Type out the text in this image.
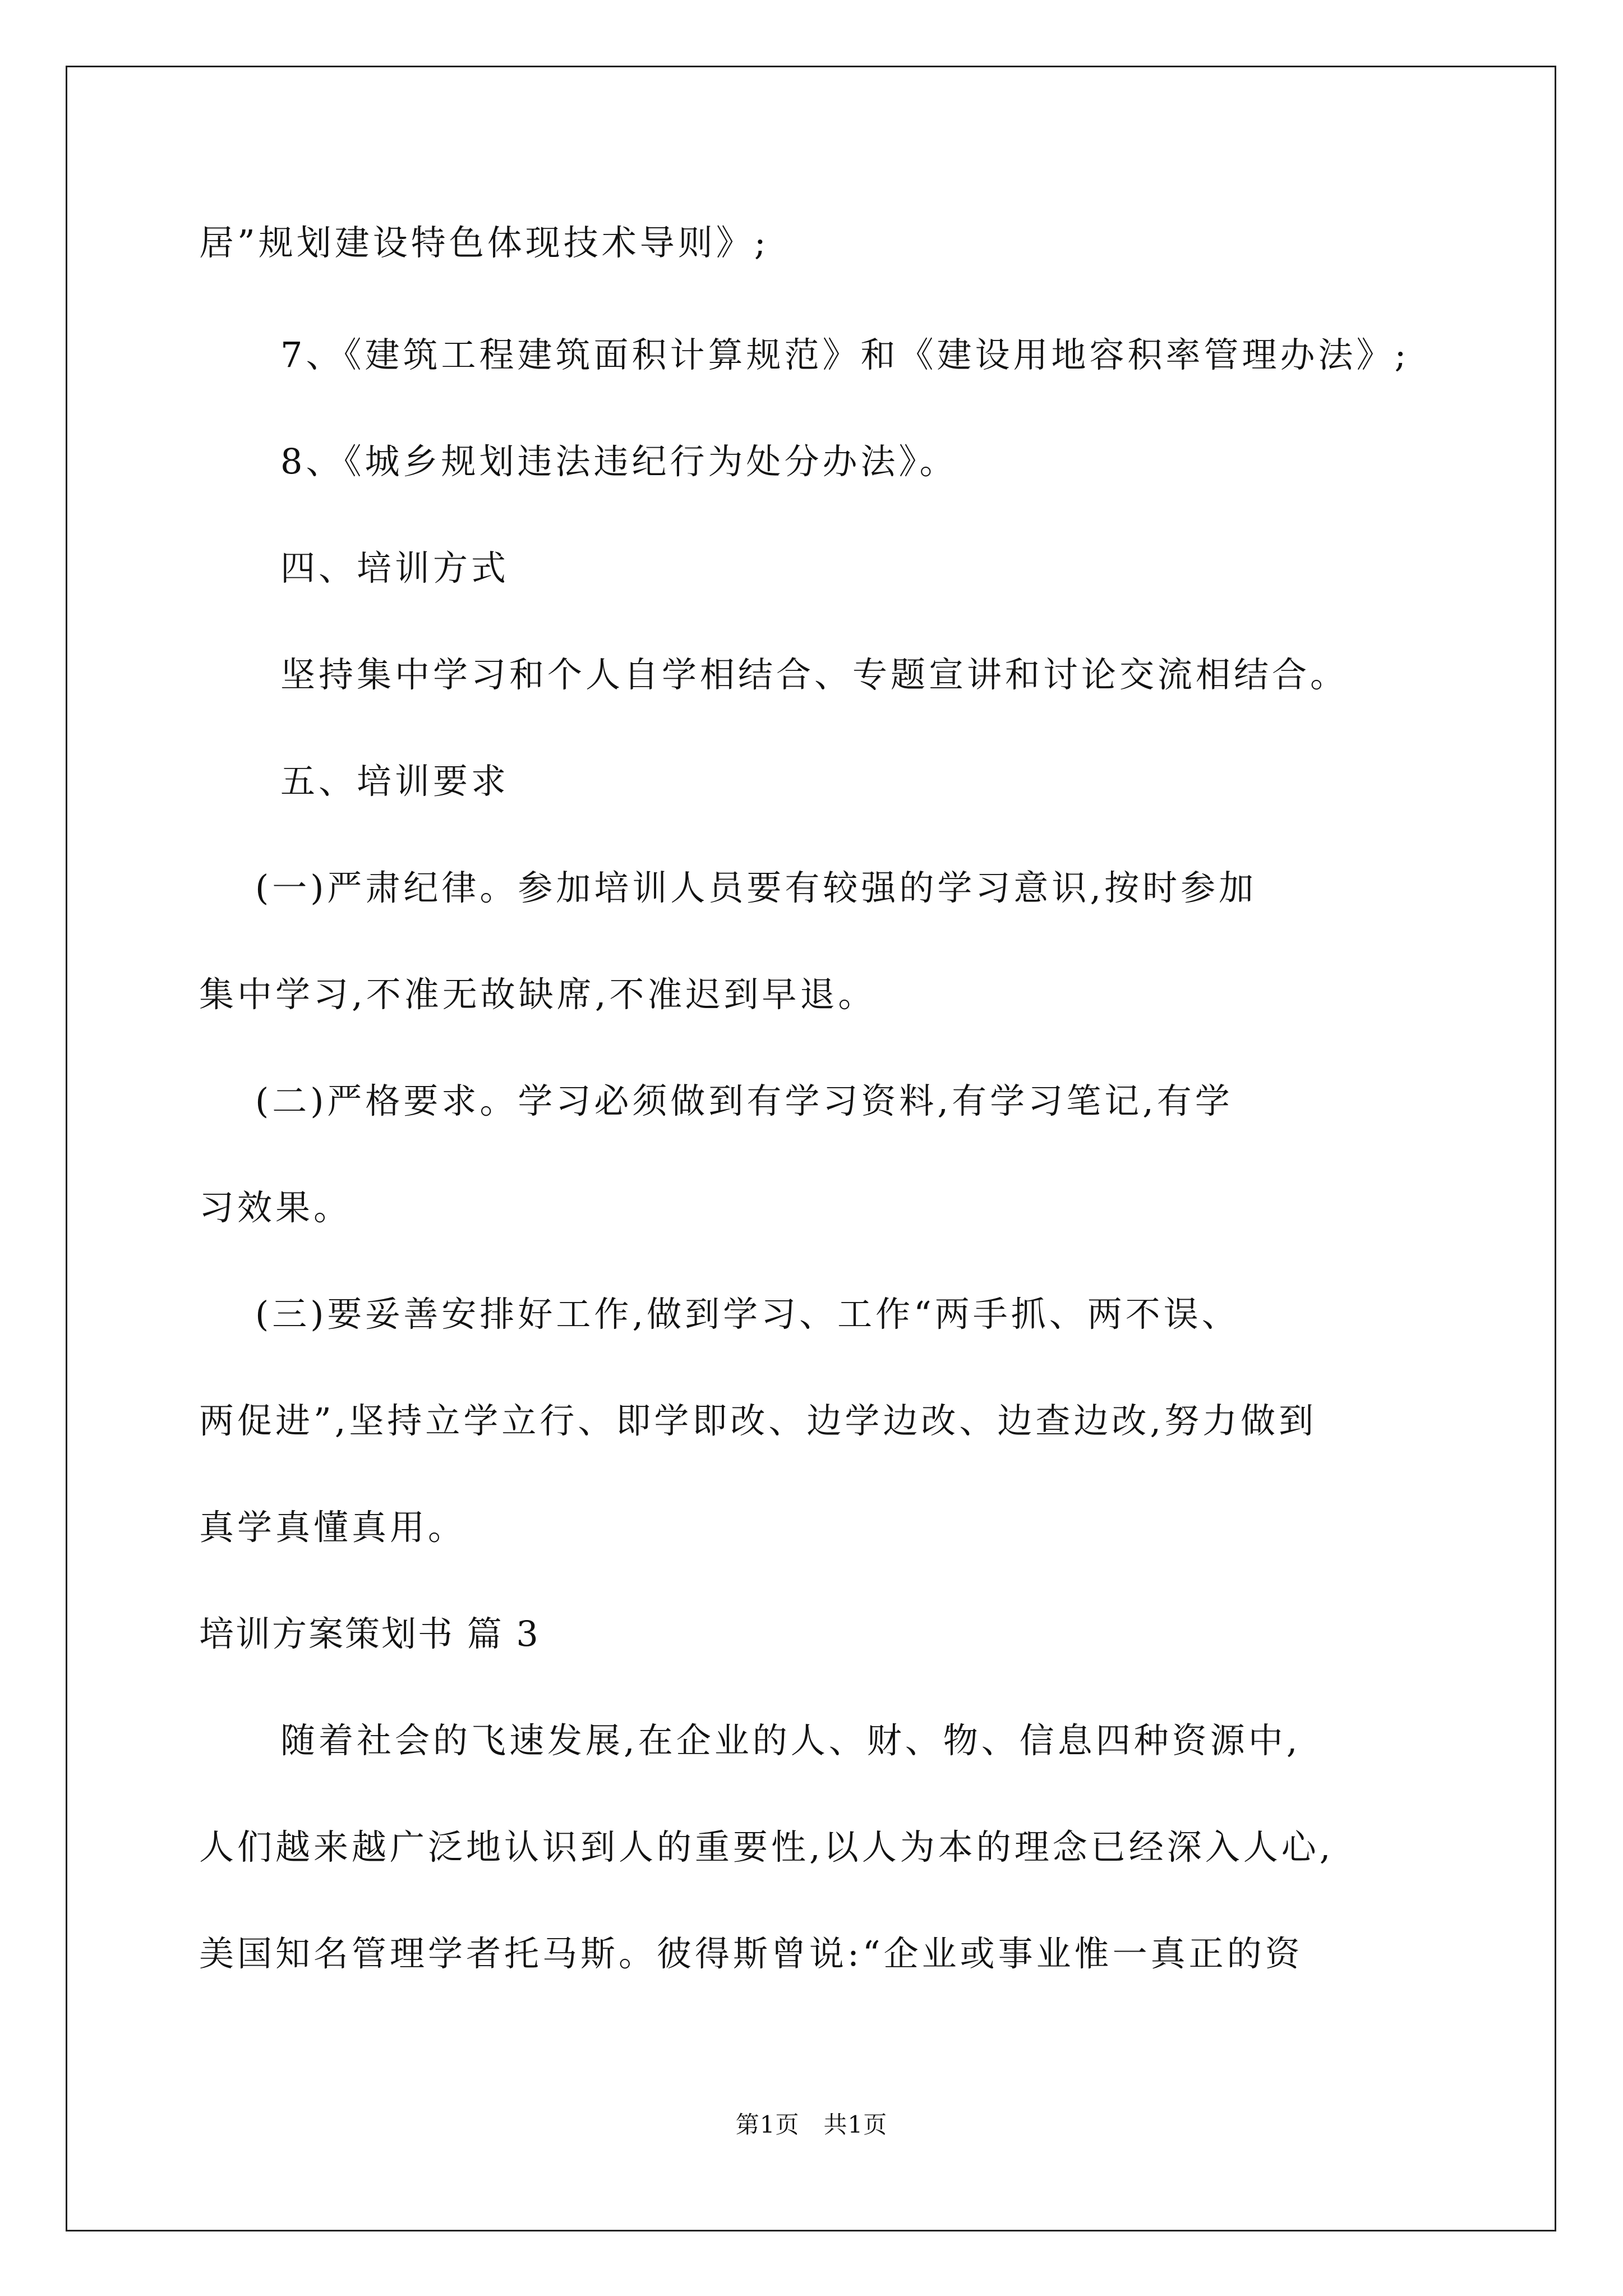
居”规划建设特色体现技术导则》;
7、《建筑工程建筑面积计算规范》和《建设用地容积率管理办法》;
8、《城乡规划违法违纪行为处分办法》。
四、培训方式
坚持集中学习和个人自学相结合、专题宣讲和讨论交流相结合。
五、培训要求
(一)严肃纪律。参加培训人员要有较强的学习意识,按时参加
集中学习,不准无故缺席,不准迟到早退。
(二)严格要求。学习必须做到有学习资料,有学习笔记,有学
习效果。
(三)要妥善安排好工作,做到学习、工作“两手抓、两不误、
两促进”,坚持立学立行、即学即改、边学边改、边查边改,努力做到
真学真懂真用。
培训方案策划书 篇 3
随着社会的飞速发展,在企业的人、财、物、信息四种资源中,
人们越来越广泛地认识到人的重要性,以人为本的理念已经深入人心,
美国知名管理学者托马斯。彼得斯曾说:“企业或事业惟一真正的资
第1页   共1页
